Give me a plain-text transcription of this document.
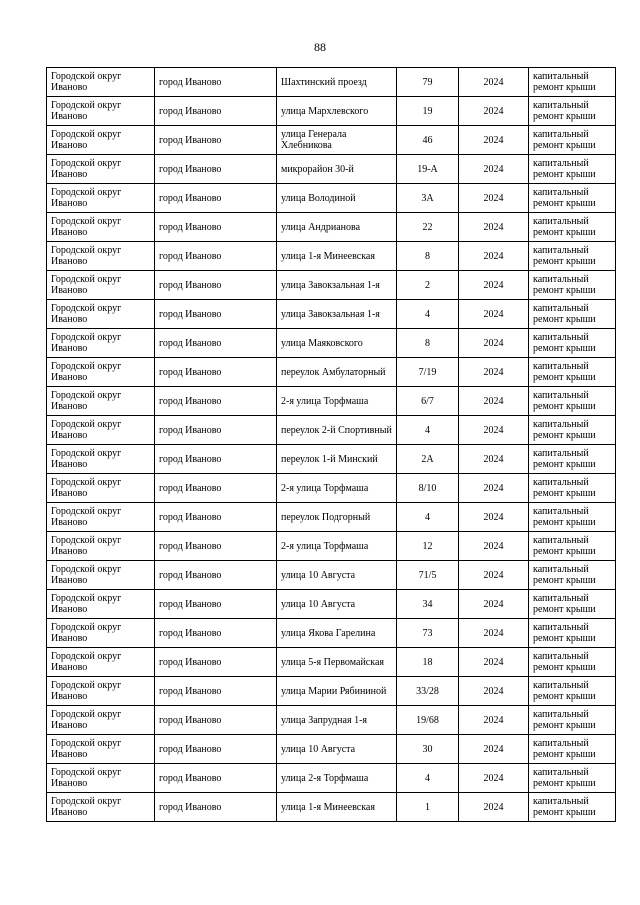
88
Городской округ Иваново	город Иваново	Шахтинский проезд	79	2024	капитальный ремонт крыши
Городской округ Иваново	город Иваново	улица Мархлевского	19	2024	капитальный ремонт крыши
Городской округ Иваново	город Иваново	улица Генерала Хлебникова	46	2024	капитальный ремонт крыши
Городской округ Иваново	город Иваново	микрорайон 30-й	19-А	2024	капитальный ремонт крыши
Городской округ Иваново	город Иваново	улица Володиной	3А	2024	капитальный ремонт крыши
Городской округ Иваново	город Иваново	улица Андрианова	22	2024	капитальный ремонт крыши
Городской округ Иваново	город Иваново	улица 1-я Минеевская	8	2024	капитальный ремонт крыши
Городской округ Иваново	город Иваново	улица Завокзальная 1-я	2	2024	капитальный ремонт крыши
Городской округ Иваново	город Иваново	улица Завокзальная 1-я	4	2024	капитальный ремонт крыши
Городской округ Иваново	город Иваново	улица Маяковского	8	2024	капитальный ремонт крыши
Городской округ Иваново	город Иваново	переулок Амбулаторный	7/19	2024	капитальный ремонт крыши
Городской округ Иваново	город Иваново	2-я улица Торфмаша	6/7	2024	капитальный ремонт крыши
Городской округ Иваново	город Иваново	переулок 2-й Спортивный	4	2024	капитальный ремонт крыши
Городской округ Иваново	город Иваново	переулок 1-й Минский	2А	2024	капитальный ремонт крыши
Городской округ Иваново	город Иваново	2-я улица Торфмаша	8/10	2024	капитальный ремонт крыши
Городской округ Иваново	город Иваново	переулок Подгорный	4	2024	капитальный ремонт крыши
Городской округ Иваново	город Иваново	2-я улица Торфмаша	12	2024	капитальный ремонт крыши
Городской округ Иваново	город Иваново	улица 10 Августа	71/5	2024	капитальный ремонт крыши
Городской округ Иваново	город Иваново	улица 10 Августа	34	2024	капитальный ремонт крыши
Городской округ Иваново	город Иваново	улица Якова Гарелина	73	2024	капитальный ремонт крыши
Городской округ Иваново	город Иваново	улица 5-я Первомайская	18	2024	капитальный ремонт крыши
Городской округ Иваново	город Иваново	улица Марии Рябининой	33/28	2024	капитальный ремонт крыши
Городской округ Иваново	город Иваново	улица Запрудная 1-я	19/68	2024	капитальный ремонт крыши
Городской округ Иваново	город Иваново	улица 10 Августа	30	2024	капитальный ремонт крыши
Городской округ Иваново	город Иваново	улица 2-я Торфмаша	4	2024	капитальный ремонт крыши
Городской округ Иваново	город Иваново	улица 1-я Минеевская	1	2024	капитальный ремонт крыши
